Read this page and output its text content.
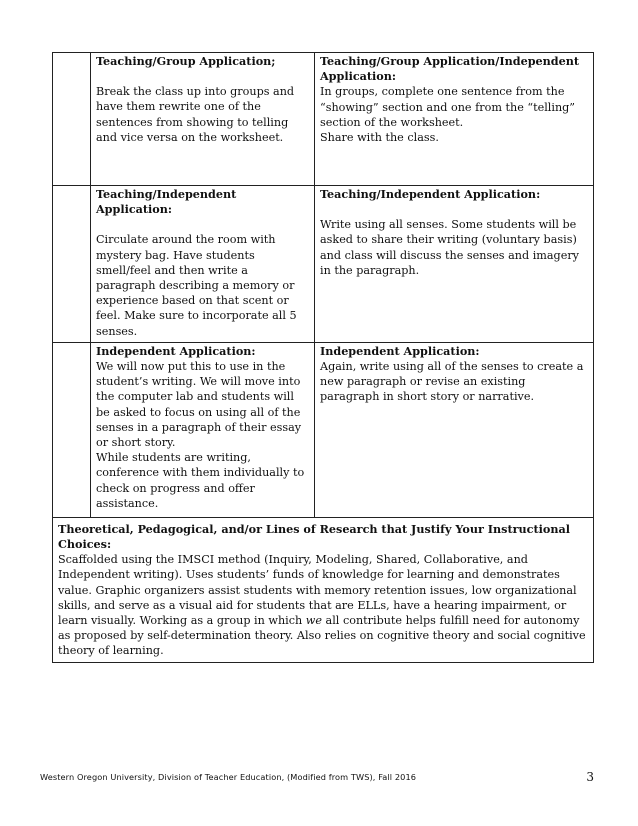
	Teaching/Group Application;
Break the class up into groups and have them rewrite one of the sentences from showing to telling and vice versa on the worksheet.	Teaching/Group Application/Independent Application:
In groups, complete one sentence from the “showing” section and one from the “telling” section of the worksheet.
Share with the class.

	Teaching/Independent Application:
Circulate around the room with mystery bag. Have students smell/feel and then write a paragraph describing a memory or experience based on that scent or feel. Make sure to incorporate all 5 senses.	Teaching/Independent Application:
Write using all senses. Some students will be asked to share their writing (voluntary basis) and class will discuss the senses and imagery in the paragraph.

	Independent Application:
We will now put this to use in the student’s writing. We will move into the computer lab and students will be asked to focus on using all of the senses in a paragraph of their essay or short story.
While students are writing, conference with them individually to check on progress and offer assistance.	Independent Application:
Again, write using all of the senses to create a new paragraph or revise an existing paragraph in short story or narrative.

Theoretical, Pedagogical, and/or Lines of Research that Justify Your Instructional Choices:
Scaffolded using the IMSCI method (Inquiry, Modeling, Shared, Collaborative, and Independent writing). Uses students’ funds of knowledge for learning and demonstrates value. Graphic organizers assist students with memory retention issues, low organizational skills, and serve as a visual aid for students that are ELLs, have a hearing impairment, or learn visually. Working as a group in which we all contribute helps fulfill need for autonomy as proposed by self-determination theory. Also relies on cognitive theory and social cognitive theory of learning.		
Western Oregon University, Division of Teacher Education, (Modified from TWS), Fall 2016	3
